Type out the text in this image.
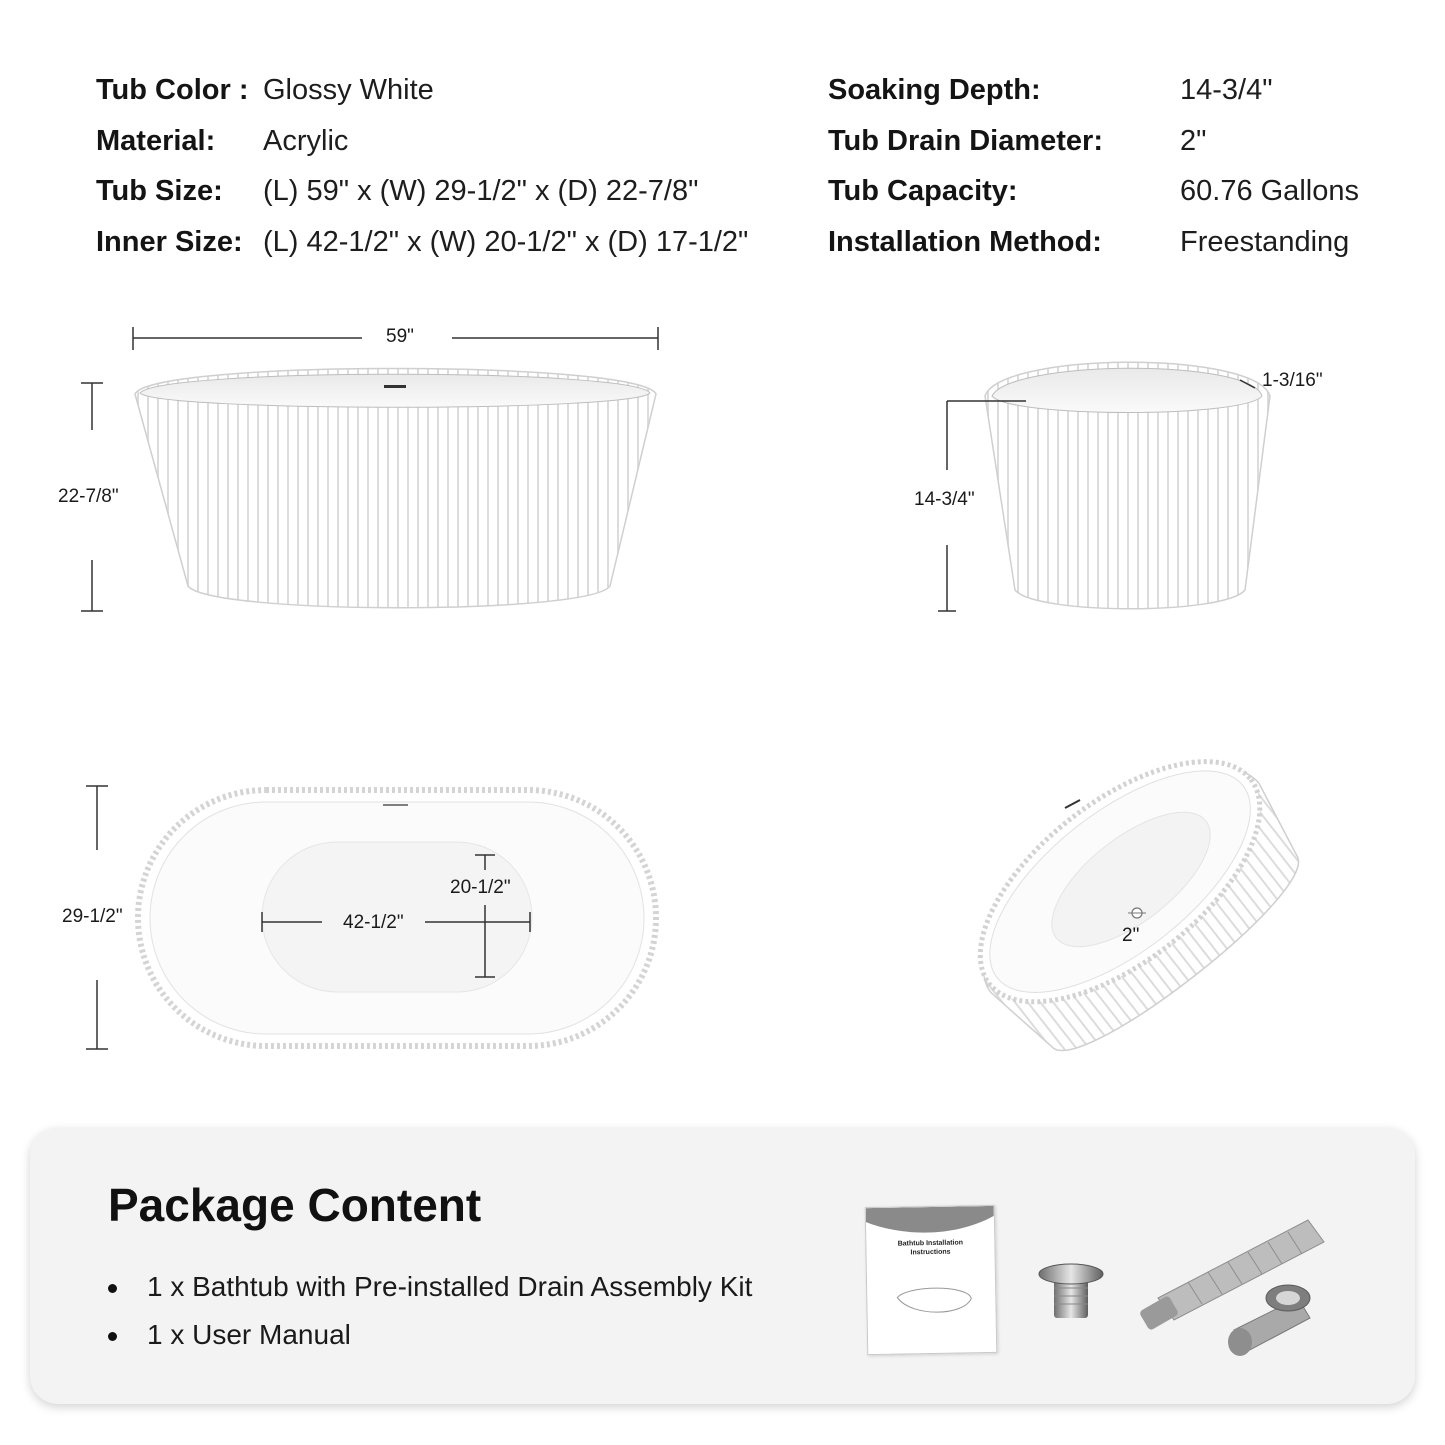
Tub Color : Glossy White
Material: Acrylic
Tub Size: (L) 59" x (W) 29-1/2" x (D) 22-7/8"
Inner Size: (L) 42-1/2" x (W) 20-1/2" x (D) 17-1/2"
Soaking Depth:	14-3/4"
Tub Drain Diameter:	2"
Tub Capacity:	60.76 Gallons
Installation Method:	Freestanding
59"
22-7/8"	14-3/4"
1-3/16"
29-1/2"	42-1/2"
20-1/2"
2"
Package Content
1 x Bathtub with Pre-installed Drain Assembly Kit
1 x User Manual
Bathtub Installation
Instructions
